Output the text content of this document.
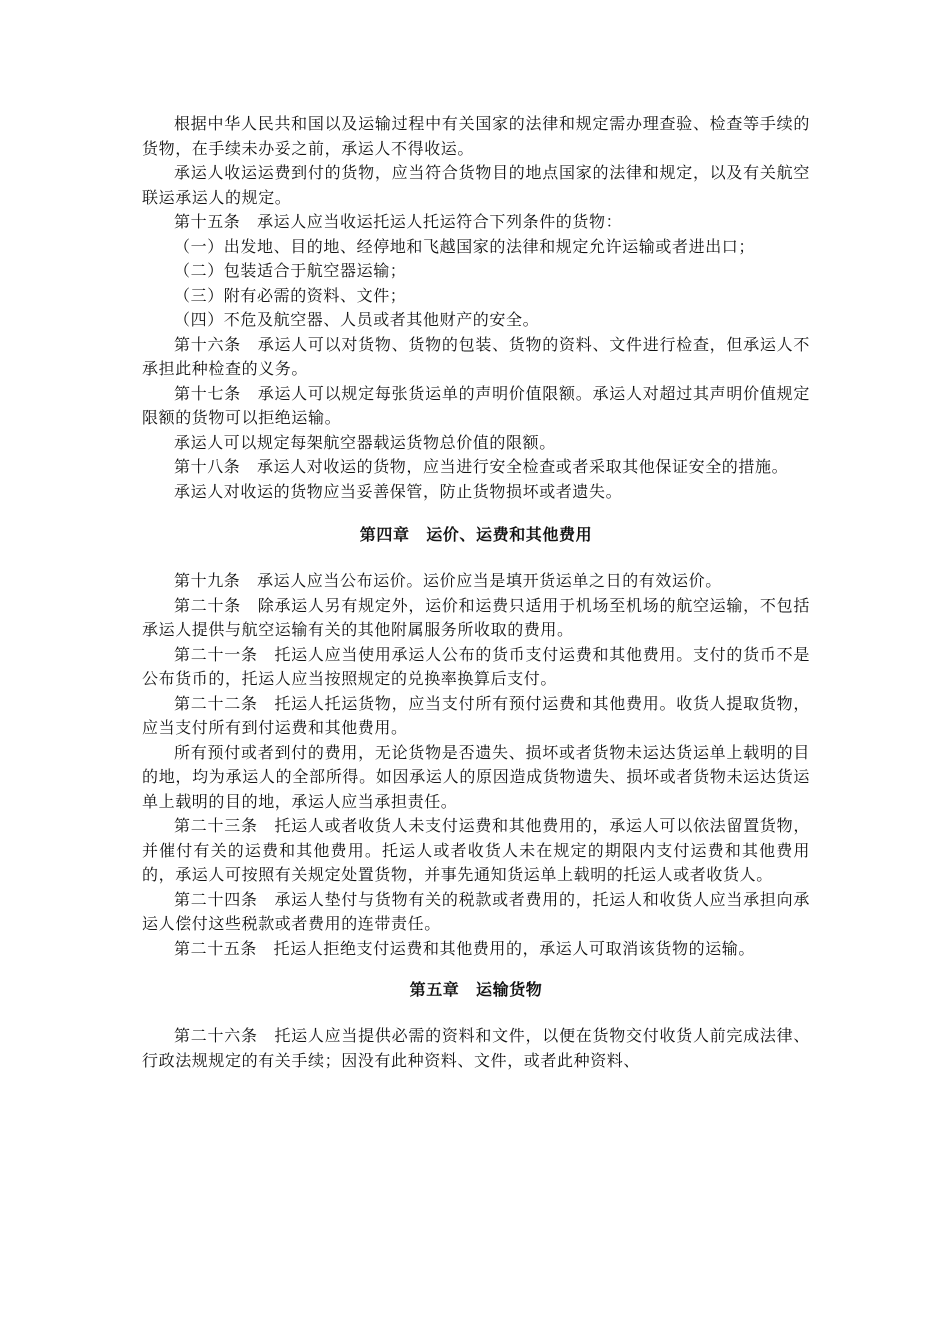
根据中华人民共和国以及运输过程中有关国家的法律和规定需办理查验、检查等手续的货物，在手续未办妥之前，承运人不得收运。

承运人收运运费到付的货物，应当符合货物目的地点国家的法律和规定，以及有关航空联运承运人的规定。

第十五条　承运人应当收运托运人托运符合下列条件的货物：

（一）出发地、目的地、经停地和飞越国家的法律和规定允许运输或者进出口；

（二）包装适合于航空器运输；

（三）附有必需的资料、文件；

（四）不危及航空器、人员或者其他财产的安全。

第十六条　承运人可以对货物、货物的包装、货物的资料、文件进行检查，但承运人不承担此种检查的义务。

第十七条　承运人可以规定每张货运单的声明价值限额。承运人对超过其声明价值规定限额的货物可以拒绝运输。

承运人可以规定每架航空器载运货物总价值的限额。

第十八条　承运人对收运的货物，应当进行安全检查或者采取其他保证安全的措施。

承运人对收运的货物应当妥善保管，防止货物损坏或者遗失。

第四章　运价、运费和其他费用

第十九条　承运人应当公布运价。运价应当是填开货运单之日的有效运价。

第二十条　除承运人另有规定外，运价和运费只适用于机场至机场的航空运输，不包括承运人提供与航空运输有关的其他附属服务所收取的费用。

第二十一条　托运人应当使用承运人公布的货币支付运费和其他费用。支付的货币不是公布货币的，托运人应当按照规定的兑换率换算后支付。

第二十二条　托运人托运货物，应当支付所有预付运费和其他费用。收货人提取货物，应当支付所有到付运费和其他费用。

所有预付或者到付的费用，无论货物是否遗失、损坏或者货物未运达货运单上载明的目的地，均为承运人的全部所得。如因承运人的原因造成货物遗失、损坏或者货物未运达货运单上载明的目的地，承运人应当承担责任。

第二十三条　托运人或者收货人未支付运费和其他费用的，承运人可以依法留置货物，并催付有关的运费和其他费用。托运人或者收货人未在规定的期限内支付运费和其他费用的，承运人可按照有关规定处置货物，并事先通知货运单上载明的托运人或者收货人。

第二十四条　承运人垫付与货物有关的税款或者费用的，托运人和收货人应当承担向承运人偿付这些税款或者费用的连带责任。

第二十五条　托运人拒绝支付运费和其他费用的，承运人可取消该货物的运输。

第五章　运输货物

第二十六条　托运人应当提供必需的资料和文件，以便在货物交付收货人前完成法律、行政法规规定的有关手续；因没有此种资料、文件，或者此种资料、
